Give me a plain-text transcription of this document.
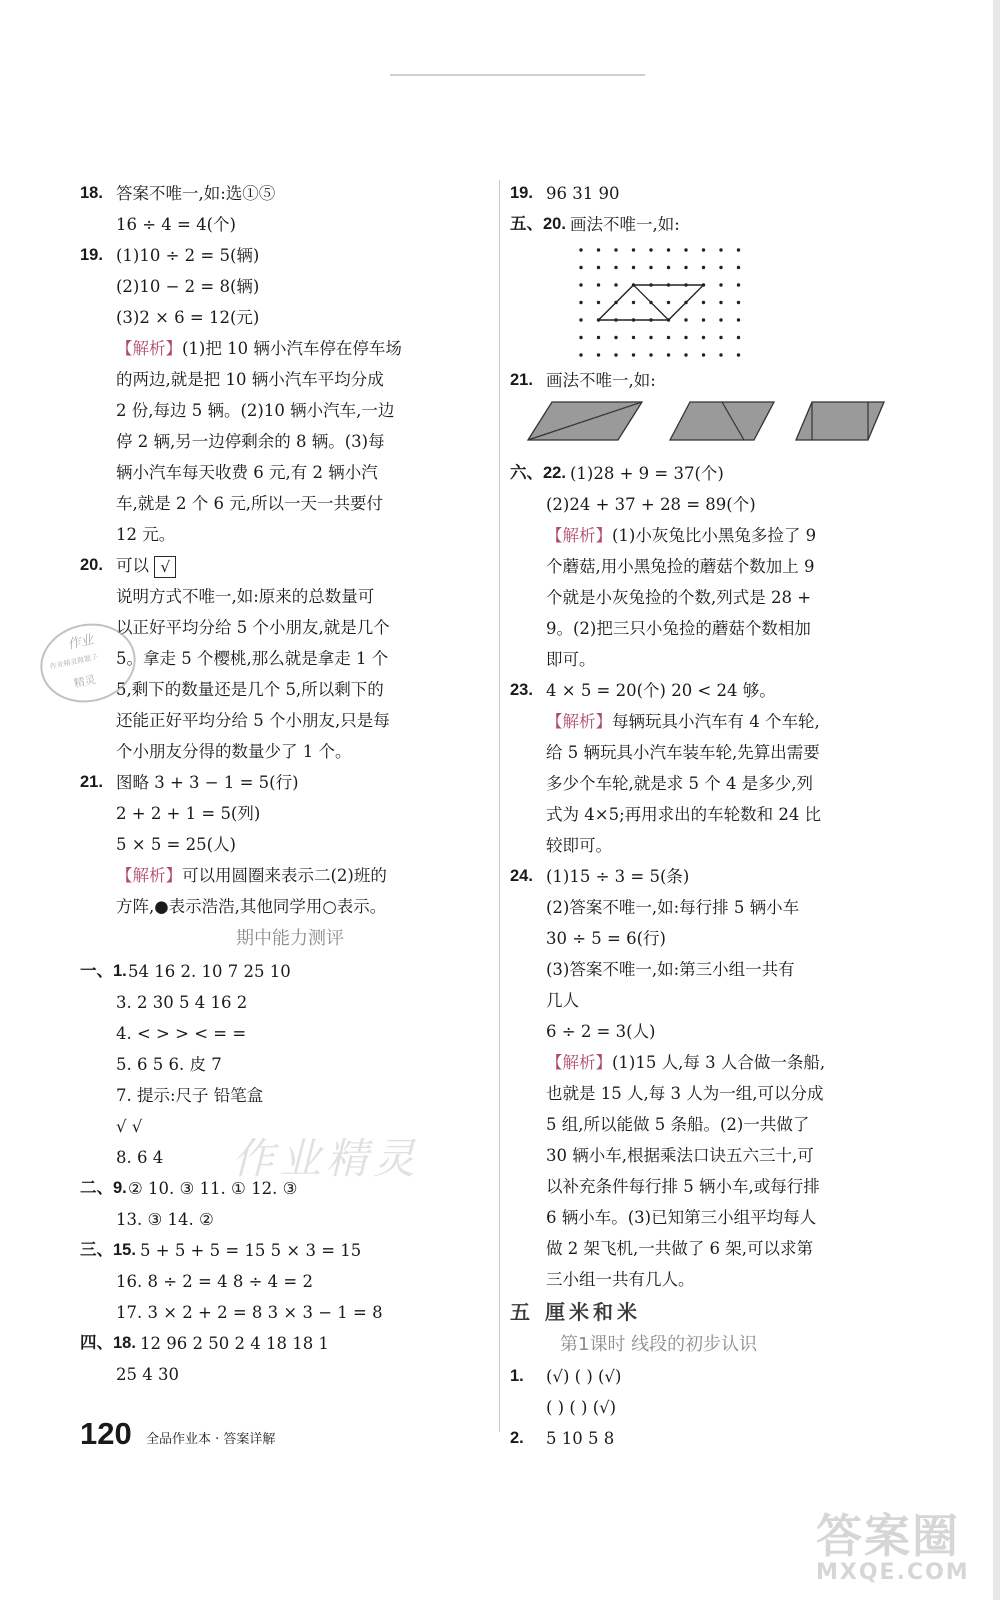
18. 答案不唯一,如:选①⑤
16 ÷ 4 = 4(个)
19. (1)10 ÷ 2 = 5(辆)
(2)10 − 2 = 8(辆)
(3)2 × 6 = 12(元)
【解析】(1)把 10 辆小汽车停在停车场
的两边,就是把 10 辆小汽车平均分成
2 份,每边 5 辆。(2)10 辆小汽车,一边
停 2 辆,另一边停剩余的 8 辆。(3)每
辆小汽车每天收费 6 元,有 2 辆小汽
车,就是 2 个 6 元,所以一天一共要付
12 元。
20. 可以 √
说明方式不唯一,如:原来的总数量可
以正好平均分给 5 个小朋友,就是几个
5。拿走 5 个樱桃,那么就是拿走 1 个
5,剩下的数量还是几个 5,所以剩下的
还能正好平均分给 5 个小朋友,只是每
个小朋友分得的数量少了 1 个。
21. 图略 3 + 3 − 1 = 5(行)
2 + 2 + 1 = 5(列)
5 × 5 = 25(人)
【解析】可以用圆圈来表示二(2)班的
方阵,●表示浩浩,其他同学用○表示。
期中能力测评
一、1. 54 16 2. 10 7 25 10
3. 2 30 5 4 16 2
4. < > > < = =
5. 6 5 6. 皮 7
7. 提示:尺子 铅笔盒
√ √
8. 6 4
二、9. ② 10. ③ 11. ① 12. ③
13. ③ 14. ②
三、15. 5 + 5 + 5 = 15 5 × 3 = 15
16. 8 ÷ 2 = 4 8 ÷ 4 = 2
17. 3 × 2 + 2 = 8 3 × 3 − 1 = 8
四、18. 12 96 2 50 2 4 18 18 1
25 4 30
19. 96 31 90
五、20. 画法不唯一,如:
21. 画法不唯一,如:
六、22. (1)28 + 9 = 37(个)
(2)24 + 37 + 28 = 89(个)
【解析】(1)小灰兔比小黑兔多捡了 9
个蘑菇,用小黑兔捡的蘑菇个数加上 9
个就是小灰兔捡的个数,列式是 28 +
9。(2)把三只小兔捡的蘑菇个数相加
即可。
23. 4 × 5 = 20(个) 20 < 24 够。
【解析】每辆玩具小汽车有 4 个车轮,
给 5 辆玩具小汽车装车轮,先算出需要
多少个车轮,就是求 5 个 4 是多少,列
式为 4×5;再用求出的车轮数和 24 比
较即可。
24. (1)15 ÷ 3 = 5(条)
(2)答案不唯一,如:每行排 5 辆小车
30 ÷ 5 = 6(行)
(3)答案不唯一,如:第三小组一共有
几人
6 ÷ 2 = 3(人)
【解析】(1)15 人,每 3 人合做一条船,
也就是 15 人,每 3 人为一组,可以分成
5 组,所以能做 5 条船。(2)一共做了
30 辆小车,根据乘法口诀五六三十,可
以补充条件每行排 5 辆小车,或每行排
6 辆小车。(3)已知第三小组平均每人
做 2 架飞机,一共做了 6 架,可以求第
三小组一共有几人。
五 厘米和米
第1课时 线段的初步认识
1. (√) ( ) (√)
( ) ( ) (√)
2. 5 10 5 8
作业精灵
作业
作业精灵做题子
精灵
120 全品作业本 · 答案详解
答案圈
MXQE.COM
